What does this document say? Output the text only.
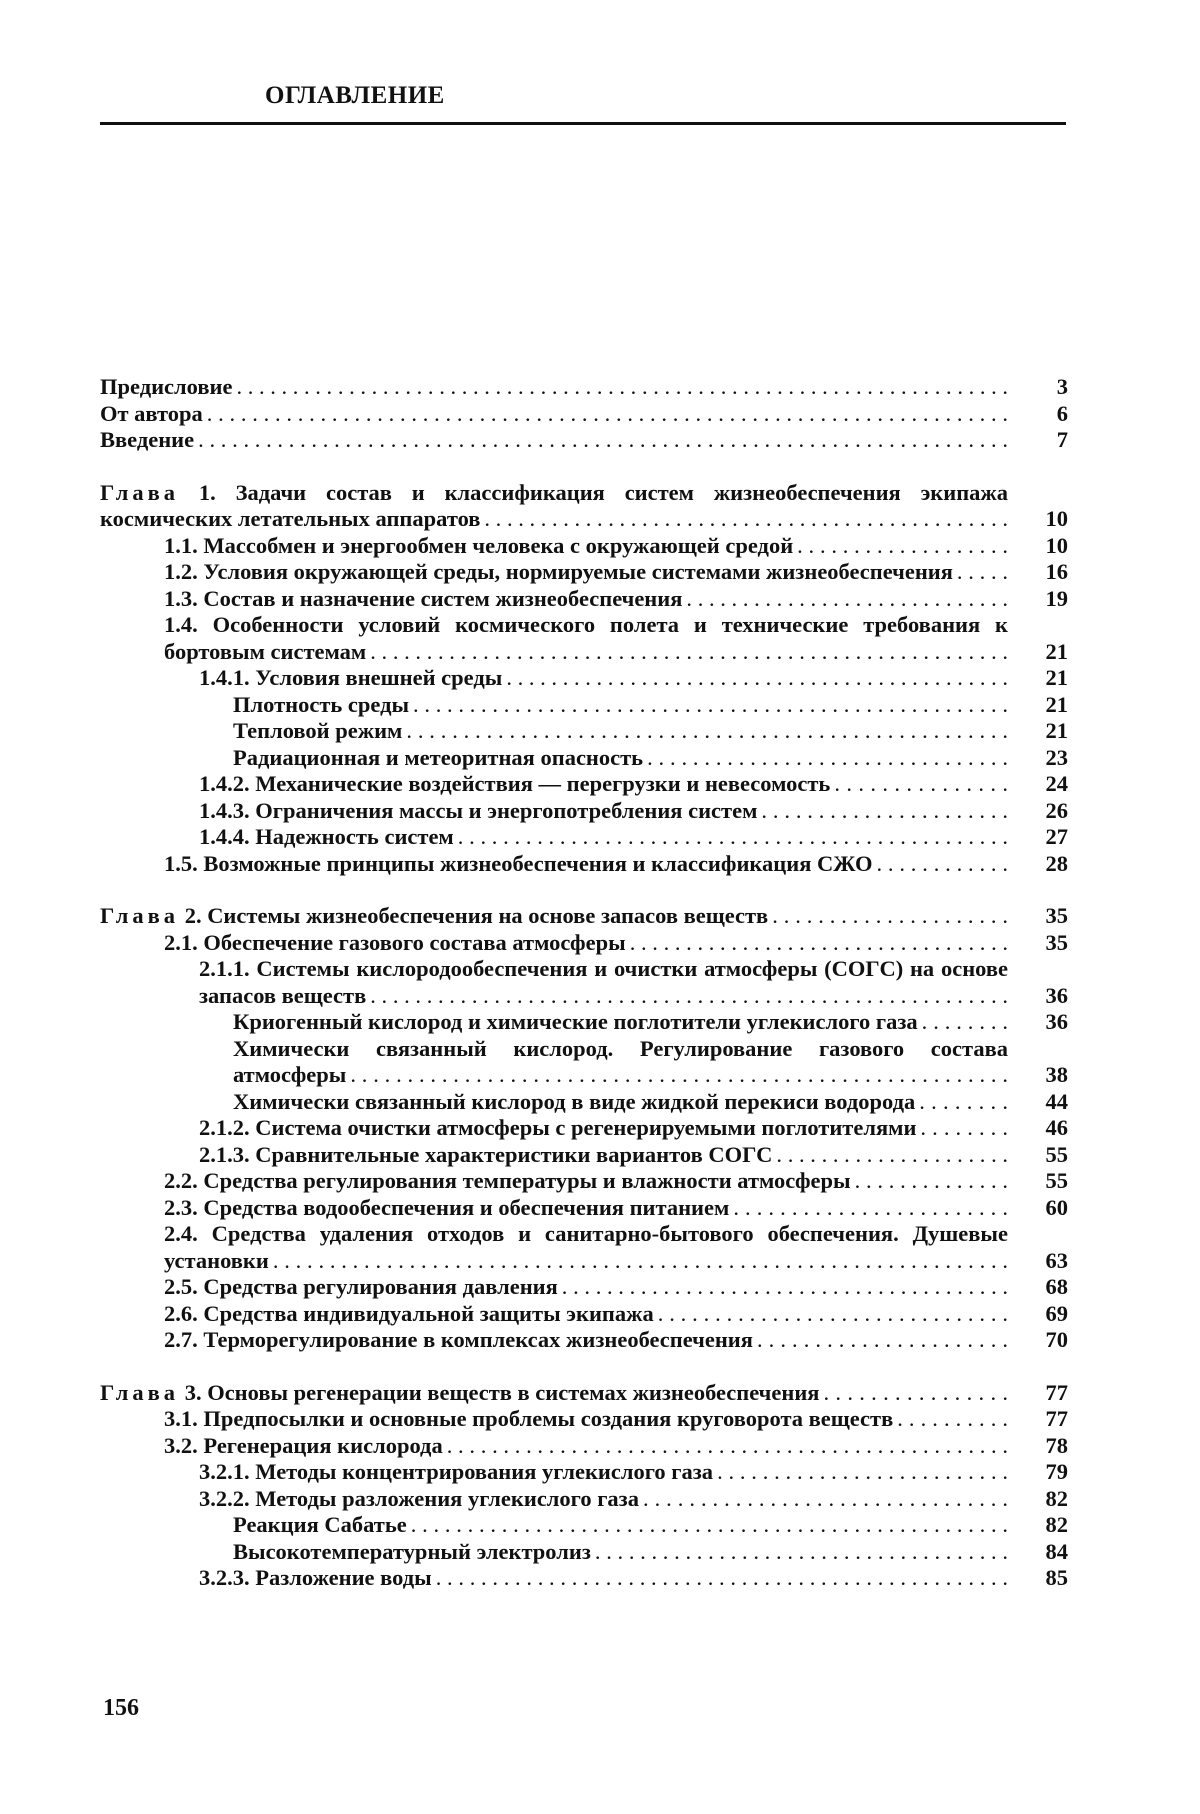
ОГЛАВЛЕНИЕ
Предисловие . . .	3
От автора . . .	6
Введение . . .	7
Глава 1. Задачи состав и классификация систем жизнеобеспечения экипажа космических летательных аппаратов . . .	10
1.1. Массобмен и энергообмен человека с окружающей средой . . .	10
1.2. Условия окружающей среды, нормируемые системами жизнеобеспечения . . .	16
1.3. Состав и назначение систем жизнеобеспечения . . .	19
1.4. Особенности условий космического полета и технические требования к бортовым системам . . .	21
1.4.1. Условия внешней среды . . .	21
Плотность среды . . .	21
Тепловой режим . . .	21
Радиационная и метеоритная опасность . . .	23
1.4.2. Механические воздействия — перегрузки и невесомость . . .	24
1.4.3. Ограничения массы и энергопотребления систем . . .	26
1.4.4. Надежность систем . . .	27
1.5. Возможные принципы жизнеобеспечения и классификация СЖО . . .	28
Глава 2. Системы жизнеобеспечения на основе запасов веществ . . .	35
2.1. Обеспечение газового состава атмосферы . . .	35
2.1.1. Системы кислородообеспечения и очистки атмосферы (СОГС) на основе запасов веществ . . .	36
Криогенный кислород и химические поглотители углекислого газа . . .	36
Химически связанный кислород. Регулирование газового состава атмосферы . . .	38
Химически связанный кислород в виде жидкой перекиси водорода . . .	44
2.1.2. Система очистки атмосферы с регенерируемыми поглотителями . . .	46
2.1.3. Сравнительные характеристики вариантов СОГС . . .	55
2.2. Средства регулирования температуры и влажности атмосферы . . .	55
2.3. Средства водообеспечения и обеспечения питанием . . .	60
2.4. Средства удаления отходов и санитарно-бытового обеспечения. Душевые установки . . .	63
2.5. Средства регулирования давления . . .	68
2.6. Средства индивидуальной защиты экипажа . . .	69
2.7. Терморегулирование в комплексах жизнеобеспечения . . .	70
Глава 3. Основы регенерации веществ в системах жизнеобеспечения . . .	77
3.1. Предпосылки и основные проблемы создания круговорота веществ . . .	77
3.2. Регенерация кислорода . . .	78
3.2.1. Методы концентрирования углекислого газа . . .	79
3.2.2. Методы разложения углекислого газа . . .	82
Реакция Сабатье . . .	82
Высокотемпературный электролиз . . .	84
3.2.3. Разложение воды . . .	85
156
